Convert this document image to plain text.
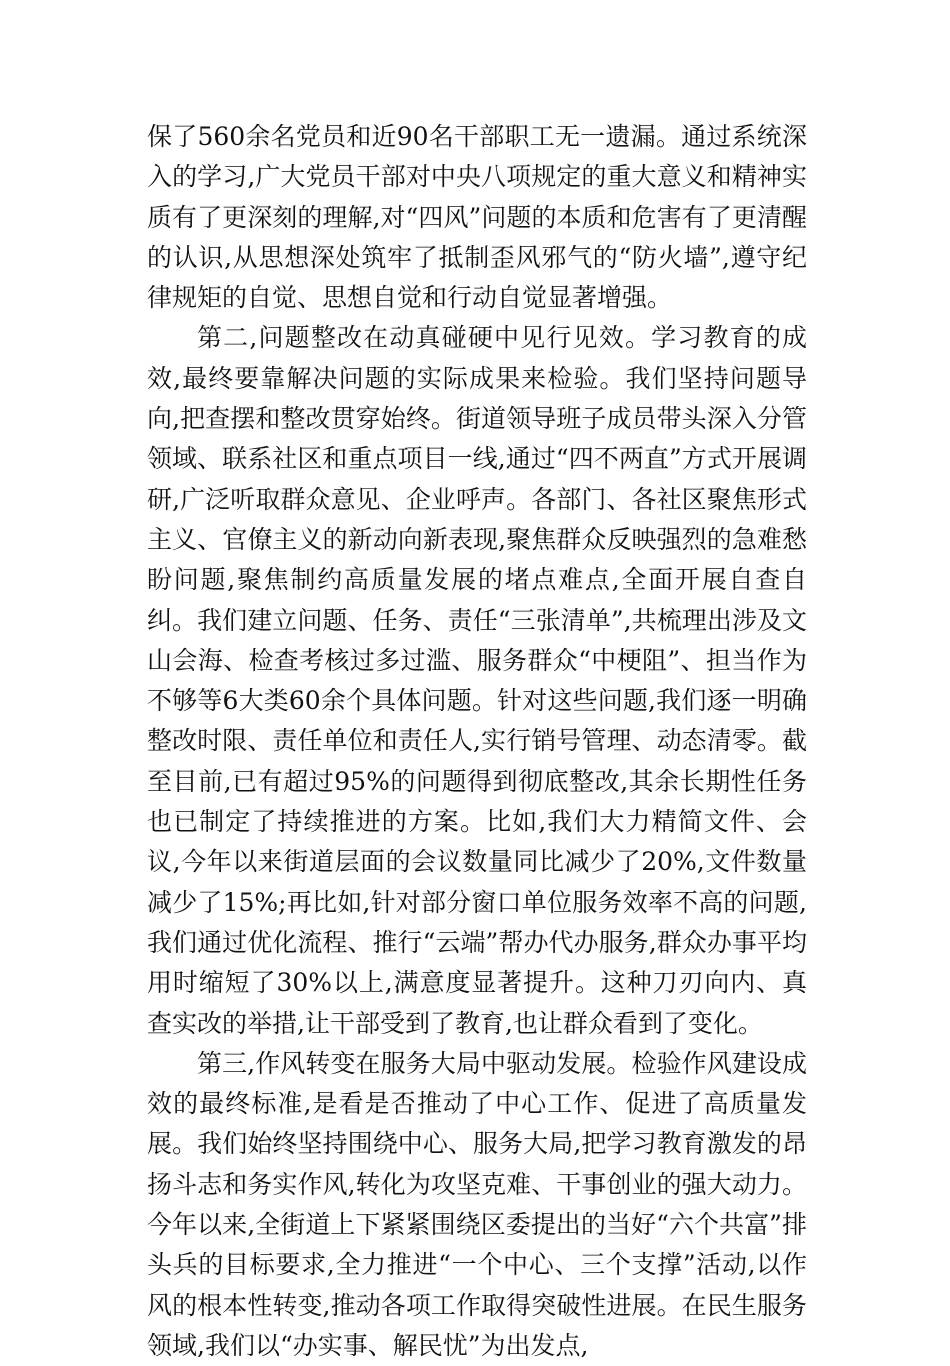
保了560余名党员和近90名干部职工无一遗漏。通过系统深入的学习,广大党员干部对中央八项规定的重大意义和精神实质有了更深刻的理解,对“四风”问题的本质和危害有了更清醒的认识,从思想深处筑牢了抵制歪风邪气的“防火墙”,遵守纪律规矩的自觉、思想自觉和行动自觉显著增强。

第二,问题整改在动真碰硬中见行见效。学习教育的成效,最终要靠解决问题的实际成果来检验。我们坚持问题导向,把查摆和整改贯穿始终。街道领导班子成员带头深入分管领域、联系社区和重点项目一线,通过“四不两直”方式开展调研,广泛听取群众意见、企业呼声。各部门、各社区聚焦形式主义、官僚主义的新动向新表现,聚焦群众反映强烈的急难愁盼问题,聚焦制约高质量发展的堵点难点,全面开展自查自纠。我们建立问题、任务、责任“三张清单”,共梳理出涉及文山会海、检查考核过多过滥、服务群众“中梗阻”、担当作为不够等6大类60余个具体问题。针对这些问题,我们逐一明确整改时限、责任单位和责任人,实行销号管理、动态清零。截至目前,已有超过95%的问题得到彻底整改,其余长期性任务也已制定了持续推进的方案。比如,我们大力精简文件、会议,今年以来街道层面的会议数量同比减少了20%,文件数量减少了15%;再比如,针对部分窗口单位服务效率不高的问题,我们通过优化流程、推行“云端”帮办代办服务,群众办事平均用时缩短了30%以上,满意度显著提升。这种刀刃向内、真查实改的举措,让干部受到了教育,也让群众看到了变化。

第三,作风转变在服务大局中驱动发展。检验作风建设成效的最终标准,是看是否推动了中心工作、促进了高质量发展。我们始终坚持围绕中心、服务大局,把学习教育激发的昂扬斗志和务实作风,转化为攻坚克难、干事创业的强大动力。今年以来,全街道上下紧紧围绕区委提出的当好“六个共富”排头兵的目标要求,全力推进“一个中心、三个支撑”活动,以作风的根本性转变,推动各项工作取得突破性进展。在民生服务领域,我们以“办实事、解民忧”为出发点,
